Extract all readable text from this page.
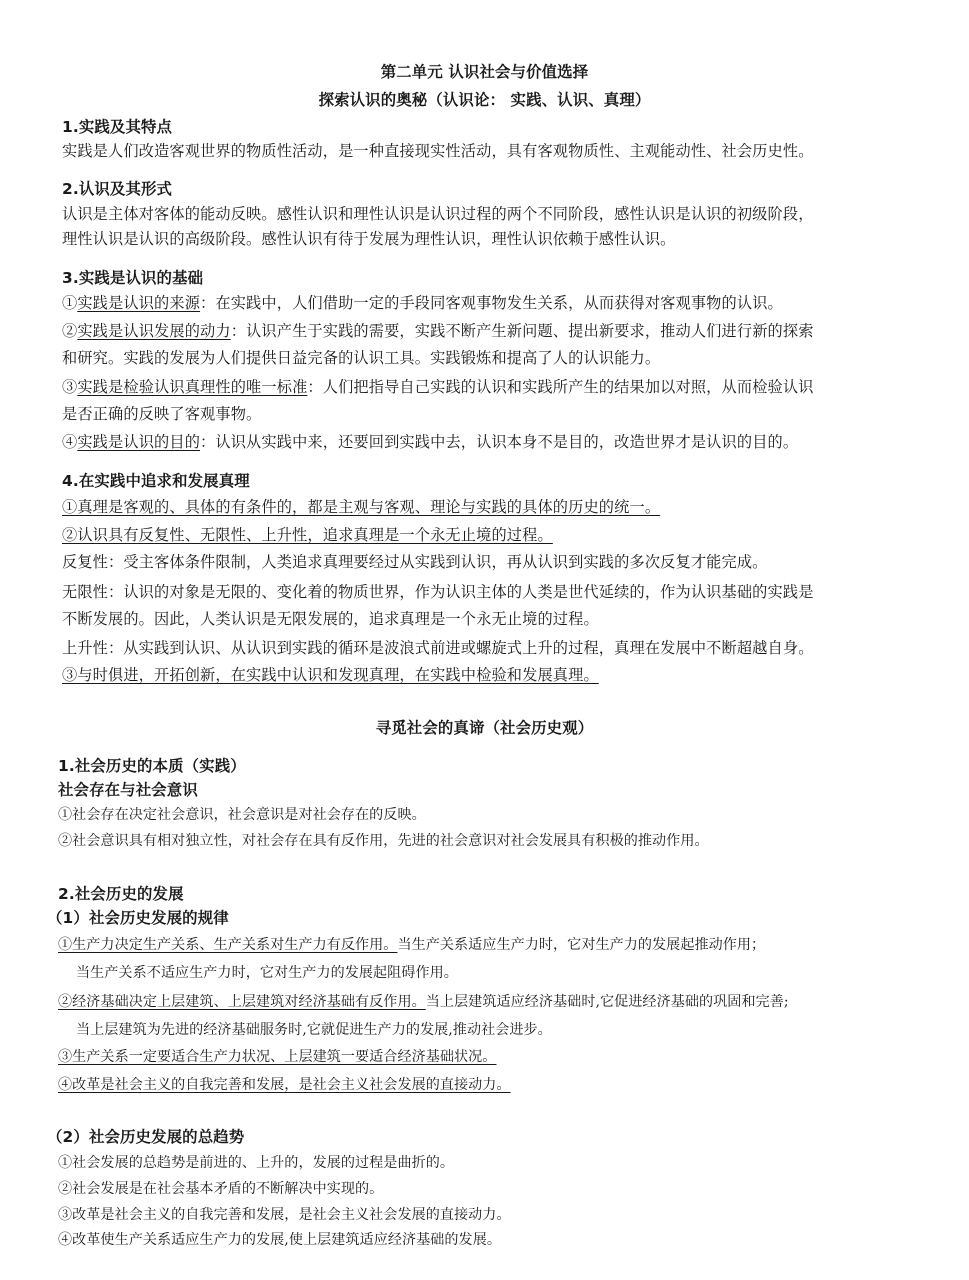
第二单元 认识社会与价值选择
探索认识的奥秘（认识论： 实践、认识、真理）
1.实践及其特点
实践是人们改造客观世界的物质性活动，是一种直接现实性活动，具有客观物质性、主观能动性、社会历史性。
2.认识及其形式
认识是主体对客体的能动反映。感性认识和理性认识是认识过程的两个不同阶段，感性认识是认识的初级阶段，
理性认识是认识的高级阶段。感性认识有待于发展为理性认识，理性认识依赖于感性认识。
3.实践是认识的基础
①实践是认识的来源：在实践中，人们借助一定的手段同客观事物发生关系，从而获得对客观事物的认识。
②实践是认识发展的动力：认识产生于实践的需要，实践不断产生新问题、提出新要求，推动人们进行新的探索
和研究。实践的发展为人们提供日益完备的认识工具。实践锻炼和提高了人的认识能力。
③实践是检验认识真理性的唯一标准：人们把指导自己实践的认识和实践所产生的结果加以对照，从而检验认识
是否正确的反映了客观事物。
④实践是认识的目的：认识从实践中来，还要回到实践中去，认识本身不是目的，改造世界才是认识的目的。
4.在实践中追求和发展真理
①真理是客观的、具体的有条件的，都是主观与客观、理论与实践的具体的历史的统一。
②认识具有反复性、无限性、上升性，追求真理是一个永无止境的过程。
反复性：受主客体条件限制，人类追求真理要经过从实践到认识，再从认识到实践的多次反复才能完成。
无限性：认识的对象是无限的、变化着的物质世界，作为认识主体的人类是世代延续的，作为认识基础的实践是
不断发展的。因此，人类认识是无限发展的，追求真理是一个永无止境的过程。
上升性：从实践到认识、从认识到实践的循环是波浪式前进或螺旋式上升的过程，真理在发展中不断超越自身。
③与时俱进，开拓创新，在实践中认识和发现真理，在实践中检验和发展真理。
寻觅社会的真谛（社会历史观）
1.社会历史的本质（实践）
社会存在与社会意识
①社会存在决定社会意识，社会意识是对社会存在的反映。
②社会意识具有相对独立性，对社会存在具有反作用，先进的社会意识对社会发展具有积极的推动作用。
2.社会历史的发展
（1）社会历史发展的规律
①生产力决定生产关系、生产关系对生产力有反作用。当生产关系适应生产力时，它对生产力的发展起推动作用；
当生产关系不适应生产力时，它对生产力的发展起阻碍作用。
②经济基础决定上层建筑、上层建筑对经济基础有反作用。当上层建筑适应经济基础时,它促进经济基础的巩固和完善;
当上层建筑为先进的经济基础服务时,它就促进生产力的发展,推动社会进步。
③生产关系一定要适合生产力状况、上层建筑一要适合经济基础状况。
④改革是社会主义的自我完善和发展，是社会主义社会发展的直接动力。
（2）社会历史发展的总趋势
①社会发展的总趋势是前进的、上升的，发展的过程是曲折的。
②社会发展是在社会基本矛盾的不断解决中实现的。
③改革是社会主义的自我完善和发展，是社会主义社会发展的直接动力。
④改革使生产关系适应生产力的发展,使上层建筑适应经济基础的发展。
